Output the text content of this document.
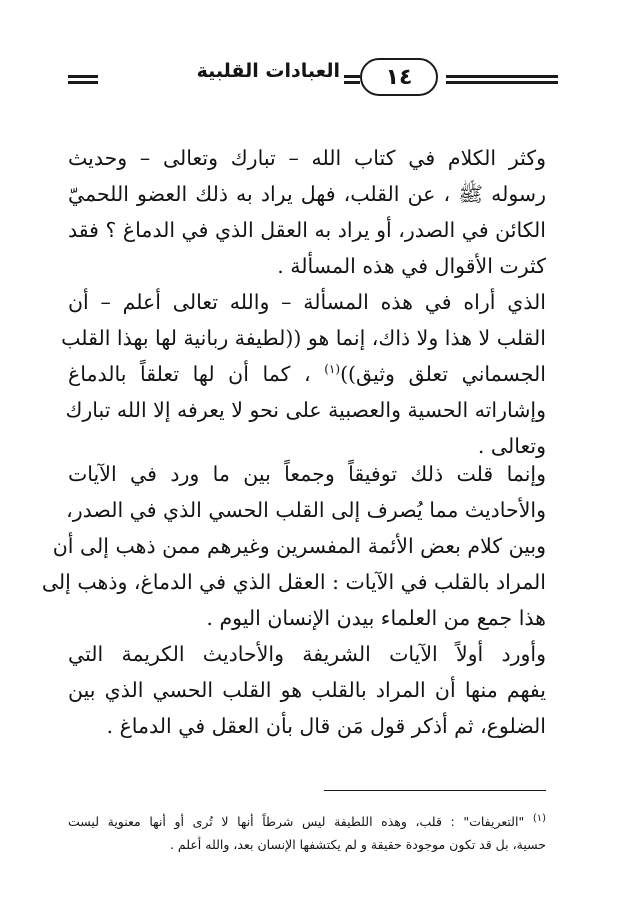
١٤
العبادات القلبية
وكثر الكلام في كتاب الله – تبارك وتعالى – وحديث
رسوله ﷺ ، عن القلب، فهل يراد به ذلك العضو اللحميّ
الكائن في الصدر، أو يراد به العقل الذي في الدماغ ؟ فقد
كثرت الأقوال في هذه المسألة .
الذي أراه في هذه المسألة – والله تعالى أعلم – أن
القلب لا هذا ولا ذاك، إنما هو ((لطيفة ربانية لها بهذا القلب
الجسماني تعلق وثيق))$^{(١)}$ ، كما أن لها تعلقاً بالدماغ
وإشاراته الحسية والعصبية على نحو لا يعرفه إلا الله تبارك
وتعالى .
وإنما قلت ذلك توفيقاً وجمعاً بين ما ورد في الآيات
والأحاديث مما يُصرف إلى القلب الحسي الذي في الصدر،
وبين كلام بعض الأئمة المفسرين وغيرهم ممن ذهب إلى أن
المراد بالقلب في الآيات : العقل الذي في الدماغ، وذهب إلى
هذا جمع من العلماء بيدن الإنسان اليوم .
وأورد أولاً الآيات الشريفة والأحاديث الكريمة التي
يفهم منها أن المراد بالقلب هو القلب الحسي الذي بين
الضلوع، ثم أذكر قول مَن قال بأن العقل في الدماغ .
$^{(١)}$ "التعريفات" : قلب، وهذه اللطيفة ليس شرطاً أنها لا تُرى أو أنها معنوية ليست
حسية، بل قد تكون موجودة حقيقة و لم يكتشفها الإنسان بعد، والله أعلم .
